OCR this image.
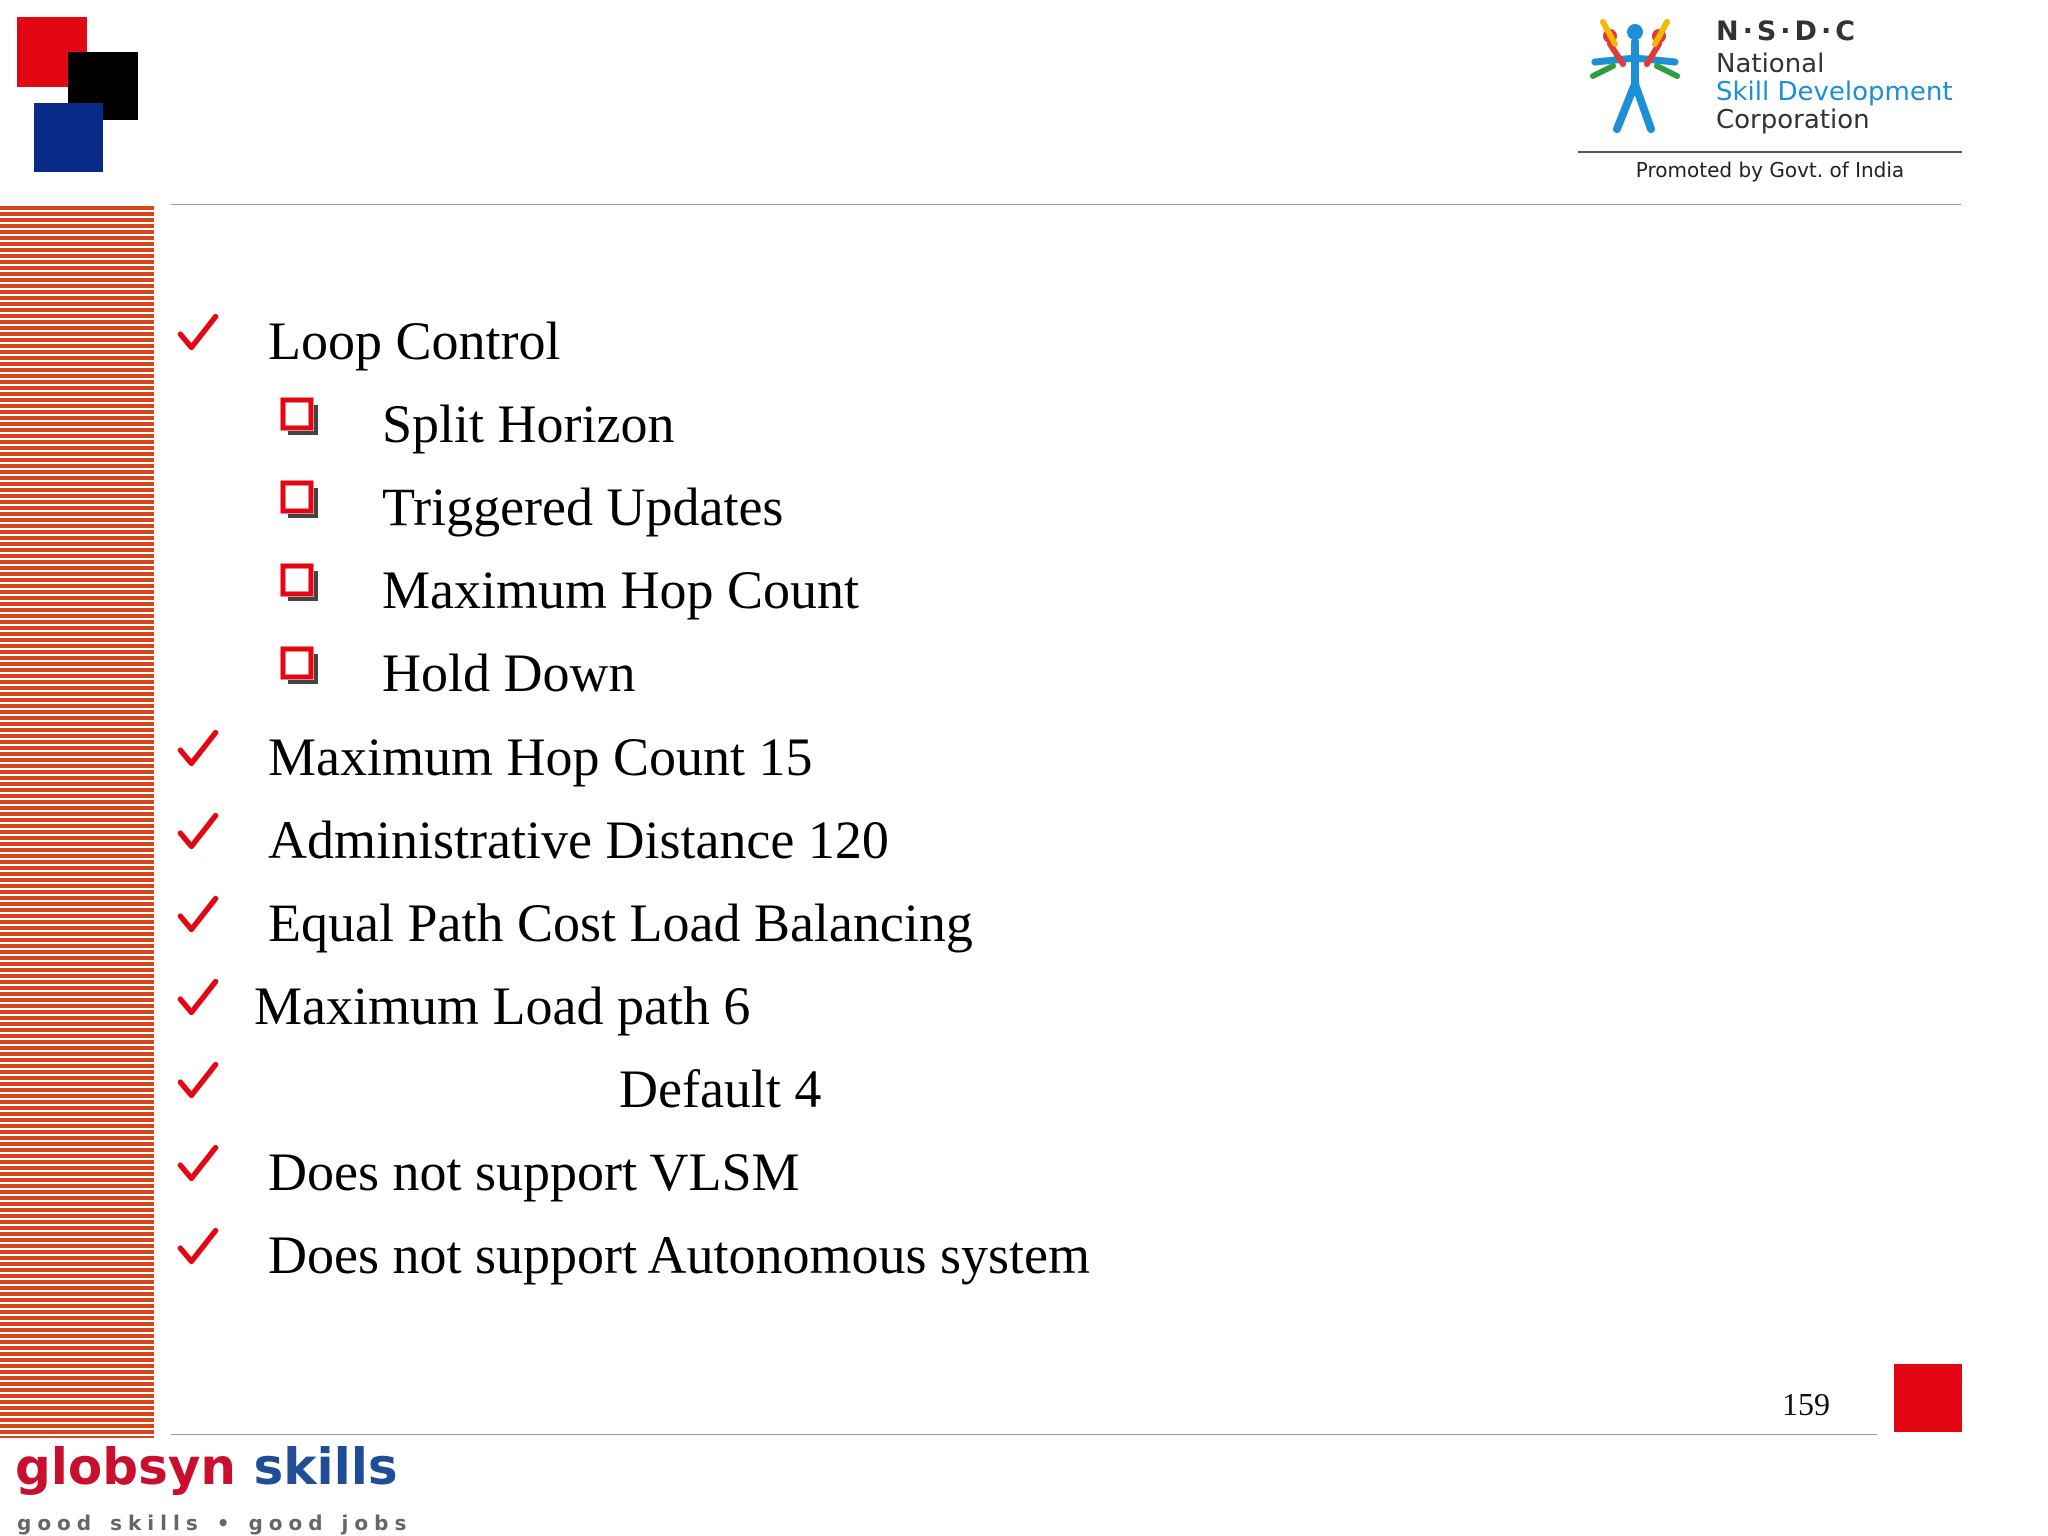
N·S·D·C
National
Skill Development
Corporation
Promoted by Govt. of India
Loop Control
Split Horizon
Triggered Updates
Maximum Hop Count
Hold Down
Maximum Hop Count 15
Administrative Distance 120
Equal Path Cost Load Balancing
Maximum Load path 6
Default 4
Does not support VLSM
Does not support Autonomous system
159
globsyn skills
good skills • good jobs
